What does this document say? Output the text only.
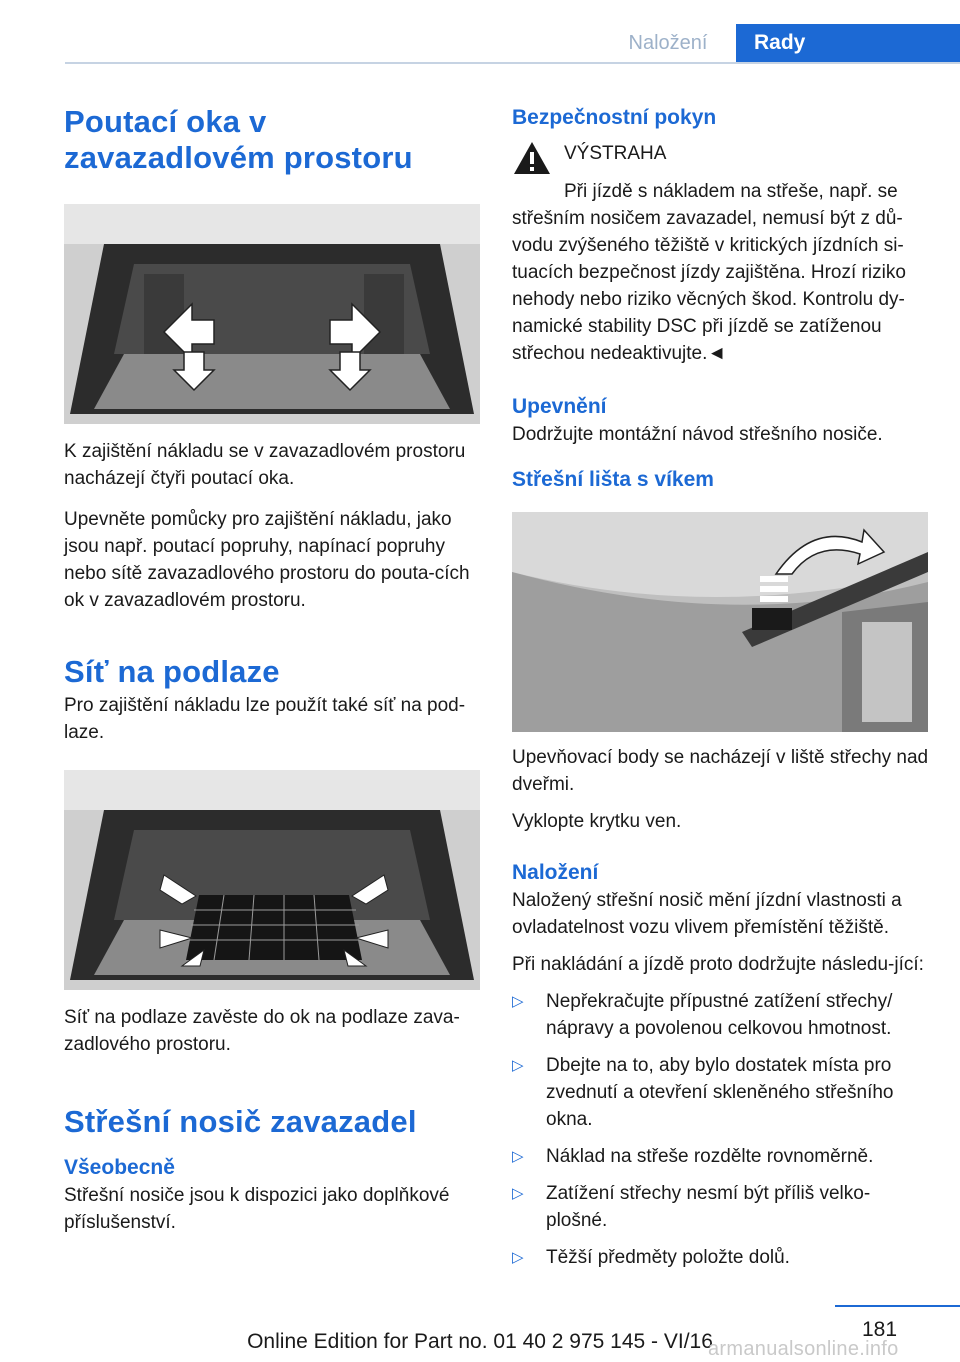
Naložení	Rady
Poutací oka v zavazadlovém prostoru

K zajištění nákladu se v zavazadlovém prostoru nacházejí čtyři poutací oka.

Upevněte pomůcky pro zajištění nákladu, jako jsou např. poutací popruhy, napínací popruhy nebo sítě zavazadlového prostoru do pouta-cích ok v zavazadlovém prostoru.

Síť na podlaze

Pro zajištění nákladu lze použít také síť na pod-laze.

Síť na podlaze zavěste do ok na podlaze zava-zadlového prostoru.

Střešní nosič zavazadel
Všeobecně

Střešní nosiče jsou k dispozici jako doplňkové příslušenství.

Bezpečnostní pokyn
VÝSTRAHA

Při jízdě s nákladem na střeše, např. se střešním nosičem zavazadel, nemusí být z dů-vodu zvýšeného těžiště v kritických jízdních si-tuacích bezpečnost jízdy zajištěna. Hrozí riziko nehody nebo riziko věcných škod. Kontrolu dy-namické stability DSC při jízdě se zatíženou střechou nedeaktivujte.◄

Upevnění

Dodržujte montážní návod střešního nosiče.

Střešní lišta s víkem

Upevňovací body se nacházejí v liště střechy nad dveřmi.

Vyklopte krytku ven.

Naložení

Naložený střešní nosič mění jízdní vlastnosti a ovladatelnost vozu vlivem přemístění těžiště.

Při nakládání a jízdě proto dodržujte následu-jící:

▷ Nepřekračujte přípustné zatížení střechy/ nápravy a povolenou celkovou hmotnost.
▷ Dbejte na to, aby bylo dostatek místa pro zvednutí a otevření skleněného střešního okna.
▷ Náklad na střeše rozdělte rovnoměrně.
▷ Zatížení střechy nesmí být příliš velko-plošné.
▷ Těžší předměty položte dolů.
181
Online Edition for Part no. 01 40 2 975 145 - VI/16
armanualsonline.info
